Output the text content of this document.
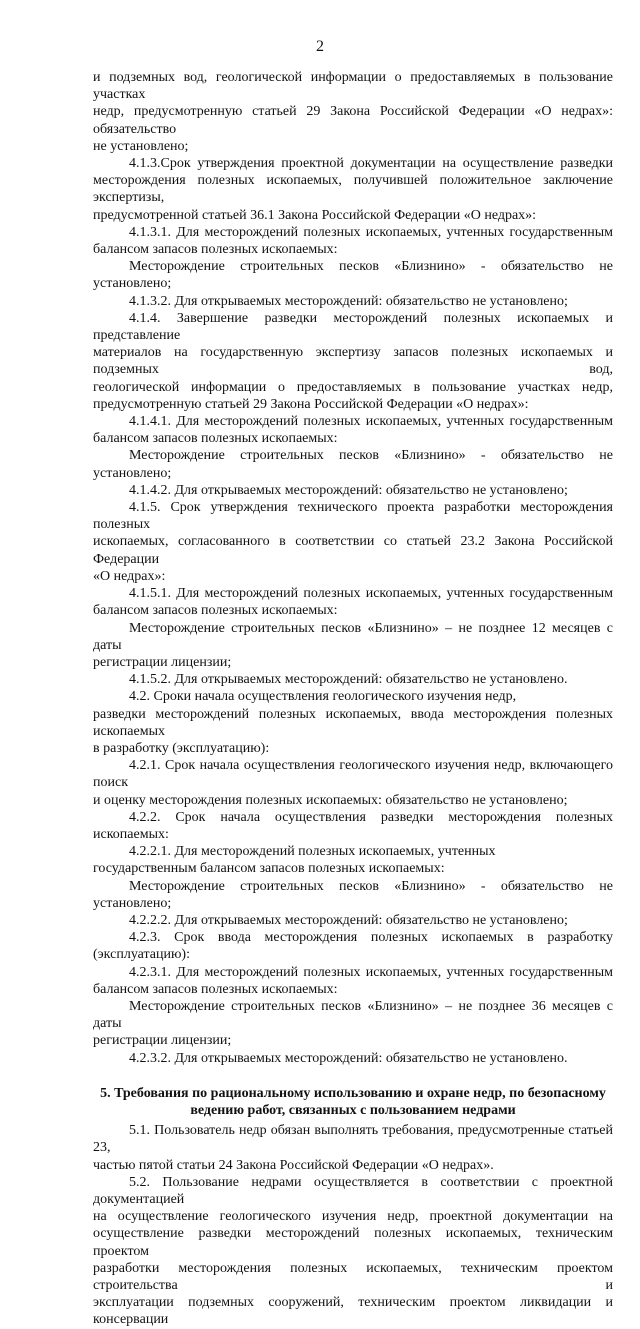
2
и подземных вод, геологической информации о предоставляемых в пользование участках
недр, предусмотренную статьей 29 Закона Российской Федерации «О недрах»: обязательство
не установлено;
4.1.3.Срок утверждения проектной документации на осуществление разведки
месторождения полезных ископаемых, получившей положительное заключение экспертизы,
предусмотренной статьей 36.1 Закона Российской Федерации «О недрах»:
4.1.3.1. Для месторождений полезных ископаемых, учтенных государственным
балансом запасов полезных ископаемых:
Месторождение строительных песков «Близнино» - обязательство не установлено;
4.1.3.2. Для открываемых месторождений: обязательство не установлено;
4.1.4. Завершение разведки месторождений полезных ископаемых и представление
материалов на государственную экспертизу запасов полезных ископаемых и подземных вод,
геологической информации о предоставляемых в пользование участках недр,
предусмотренную статьей 29 Закона Российской Федерации «О недрах»:
4.1.4.1. Для месторождений полезных ископаемых, учтенных государственным
балансом запасов полезных ископаемых:
Месторождение строительных песков «Близнино» - обязательство не установлено;
4.1.4.2. Для открываемых месторождений: обязательство не установлено;
4.1.5. Срок утверждения технического проекта разработки месторождения полезных
ископаемых, согласованного в соответствии со статьей 23.2 Закона Российской Федерации
«О недрах»:
4.1.5.1. Для месторождений полезных ископаемых, учтенных государственным
балансом запасов полезных ископаемых:
Месторождение строительных песков «Близнино» – не позднее 12 месяцев с даты
регистрации лицензии;
4.1.5.2. Для открываемых месторождений: обязательство не установлено.
4.2. Сроки начала осуществления геологического изучения недр,
разведки месторождений полезных ископаемых, ввода месторождения полезных ископаемых
в разработку (эксплуатацию):
4.2.1. Срок начала осуществления геологического изучения недр, включающего поиск
и оценку месторождения полезных ископаемых: обязательство не установлено;
4.2.2. Срок начала осуществления разведки месторождения полезных ископаемых:
4.2.2.1. Для месторождений полезных ископаемых, учтенных
государственным балансом запасов полезных ископаемых:
Месторождение строительных песков «Близнино» - обязательство не установлено;
4.2.2.2. Для открываемых месторождений: обязательство не установлено;
4.2.3. Срок ввода месторождения полезных ископаемых в разработку (эксплуатацию):
4.2.3.1. Для месторождений полезных ископаемых, учтенных государственным
балансом запасов полезных ископаемых:
Месторождение строительных песков «Близнино» – не позднее 36 месяцев с даты
регистрации лицензии;
4.2.3.2. Для открываемых месторождений: обязательство не установлено.
5. Требования по рациональному использованию и охране недр, по безопасному
ведению работ, связанных с пользованием недрами
5.1. Пользователь недр обязан выполнять требования, предусмотренные статьей 23,
частью пятой статьи 24 Закона Российской Федерации «О недрах».
5.2. Пользование недрами осуществляется в соответствии с проектной документацией
на осуществление геологического изучения недр, проектной документации на
осуществление разведки месторождений полезных ископаемых, техническим проектом
разработки месторождения полезных ископаемых, техническим проектом строительства и
эксплуатации подземных сооружений, техническим проектом ликвидации и консервации
